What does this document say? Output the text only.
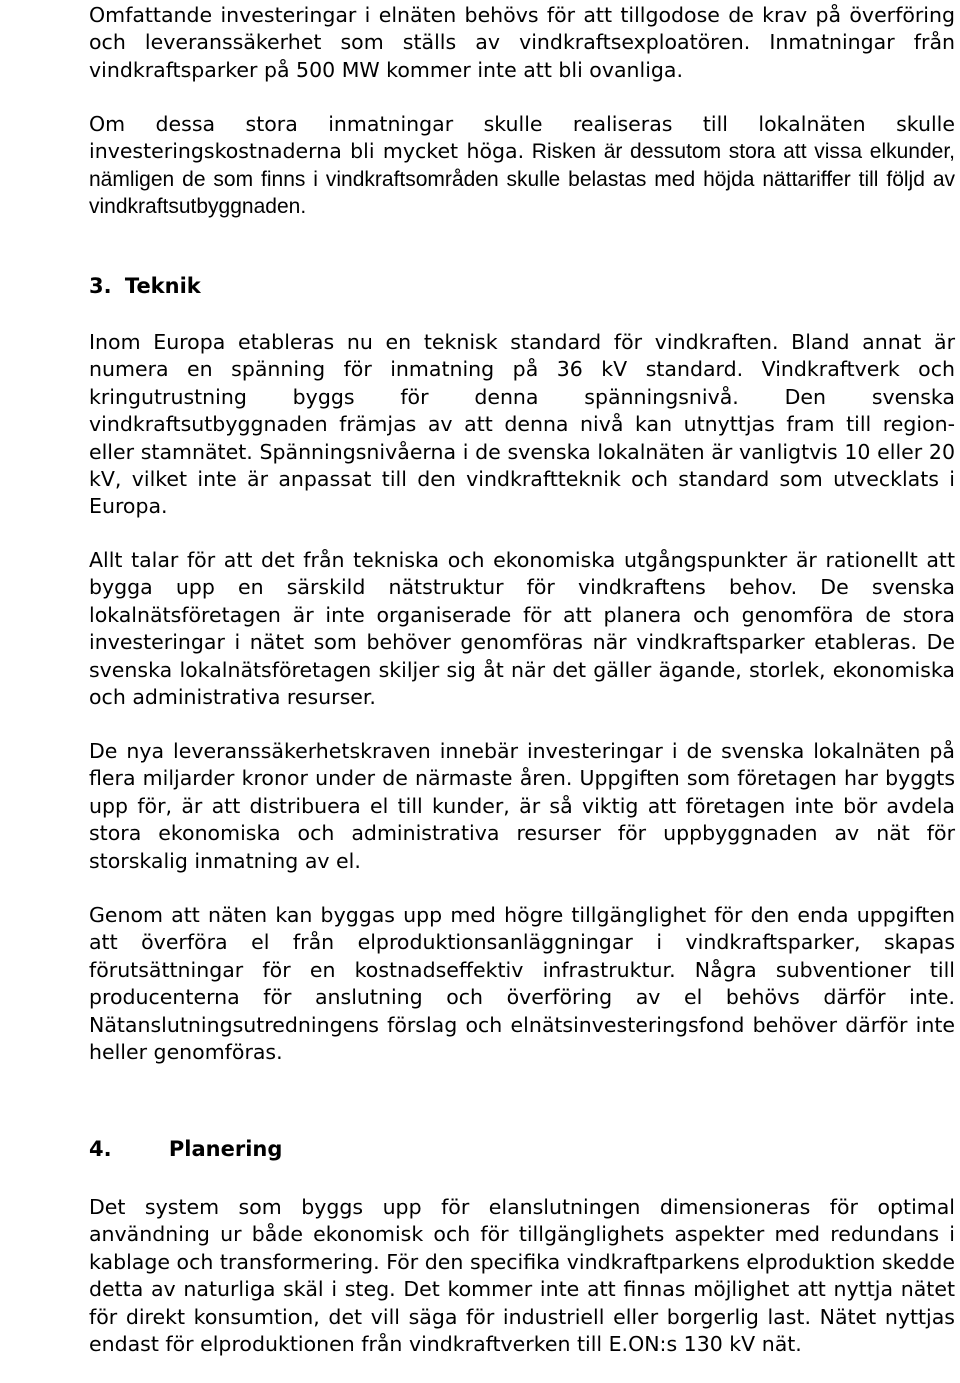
Omfattande investeringar i elnäten behövs för att tillgodose de krav på överföring och leveranssäkerhet som ställs av vindkraftsexploatören. Inmatningar från vindkraftsparker på 500 MW kommer inte att bli ovanliga.

Om dessa stora inmatningar skulle realiseras till lokalnäten skulle investeringskostnaderna bli mycket höga. Risken är dessutom stora att vissa elkunder, nämligen de som finns i vindkraftsområden skulle belastas med höjda nättariffer till följd av vindkraftsutbyggnaden.

3. Teknik

Inom Europa etableras nu en teknisk standard för vindkraften. Bland annat är numera en spänning för inmatning på 36 kV standard. Vindkraftverk och kringutrustning byggs för denna spänningsnivå. Den svenska vindkraftsutbyggnaden främjas av att denna nivå kan utnyttjas fram till region- eller stamnätet. Spänningsnivåerna i de svenska lokalnäten är vanligtvis 10 eller 20 kV, vilket inte är anpassat till den vindkraftteknik och standard som utvecklats i Europa.

Allt talar för att det från tekniska och ekonomiska utgångspunkter är rationellt att bygga upp en särskild nätstruktur för vindkraftens behov. De svenska lokalnätsföretagen är inte organiserade för att planera och genomföra de stora investeringar i nätet som behöver genomföras när vindkraftsparker etableras. De svenska lokalnätsföretagen skiljer sig åt när det gäller ägande, storlek, ekonomiska och administrativa resurser.

De nya leveranssäkerhetskraven innebär investeringar i de svenska lokalnäten på flera miljarder kronor under de närmaste åren. Uppgiften som företagen har byggts upp för, är att distribuera el till kunder, är så viktig att företagen inte bör avdela stora ekonomiska och administrativa resurser för uppbyggnaden av nät för storskalig inmatning av el.

Genom att näten kan byggas upp med högre tillgänglighet för den enda uppgiften att överföra el från elproduktionsanläggningar i vindkraftsparker, skapas förutsättningar för en kostnadseffektiv infrastruktur. Några subventioner till producenterna för anslutning och överföring av el behövs därför inte. Nätanslutningsutredningens förslag och elnätsinvesteringsfond behöver därför inte heller genomföras.

4.	Planering

Det system som byggs upp för elanslutningen dimensioneras för optimal användning ur både ekonomisk och för tillgänglighets aspekter med redundans i kablage och transformering. För den specifika vindkraftparkens elproduktion skedde detta av naturliga skäl i steg. Det kommer inte att finnas möjlighet att nyttja nätet för direkt konsumtion, det vill säga för industriell eller borgerlig last. Nätet nyttjas endast för elproduktionen från vindkraftverken till E.ON:s 130 kV nät.
